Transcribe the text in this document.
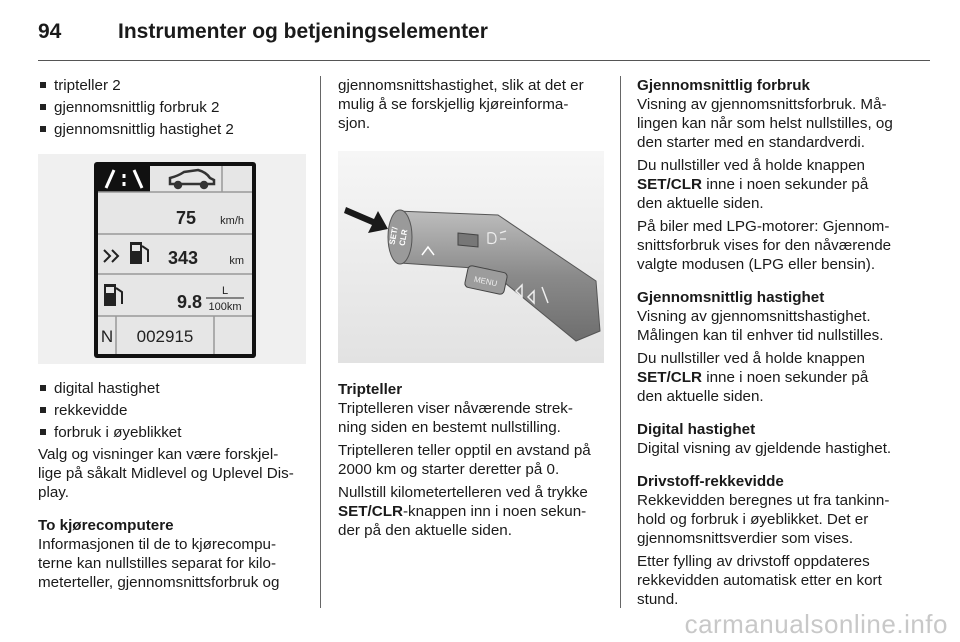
94	Instrumenter og betjeningselementer
tripteller 2
gjennomsnittlig forbruk 2
gjennomsnittlig hastighet 2
75 km/h
343	km
9.8
L
100km
N 002915
digital hastighet
rekkevidde
forbruk i øyeblikket
Valg og visninger kan være forskjel-
lige på såkalt Midlevel og Uplevel Dis-
play.
To kjørecomputere
Informasjonen til de to kjørecompu-
terne kan nullstilles separat for kilo-
meterteller, gjennomsnittsforbruk og
gjennomsnittshastighet, slik at det er
mulig å se forskjellig kjøreinforma-
sjon.
SET/
CLR
MENU
Tripteller
Triptelleren viser nåværende strek-
ning siden en bestemt nullstilling.
Triptelleren teller opptil en avstand på
2000 km og starter deretter på 0.
Nullstill kilometertelleren ved å trykke
SET/CLR-knappen inn i noen sekun-
der på den aktuelle siden.
Gjennomsnittlig forbruk
Visning av gjennomsnittsforbruk. Må-
lingen kan når som helst nullstilles, og
den starter med en standardverdi.
Du nullstiller ved å holde knappen
SET/CLR inne i noen sekunder på
den aktuelle siden.
På biler med LPG-motorer: Gjennom-
snittsforbruk vises for den nåværende
valgte modusen (LPG eller bensin).
Gjennomsnittlig hastighet
Visning av gjennomsnittshastighet.
Målingen kan til enhver tid nullstilles.
Du nullstiller ved å holde knappen
SET/CLR inne i noen sekunder på
den aktuelle siden.
Digital hastighet
Digital visning av gjeldende hastighet.
Drivstoff-rekkevidde
Rekkevidden beregnes ut fra tankinn-
hold og forbruk i øyeblikket. Det er
gjennomsnittsverdier som vises.
Etter fylling av drivstoff oppdateres
rekkevidden automatisk etter en kort
stund.
carmanualsonline.info
